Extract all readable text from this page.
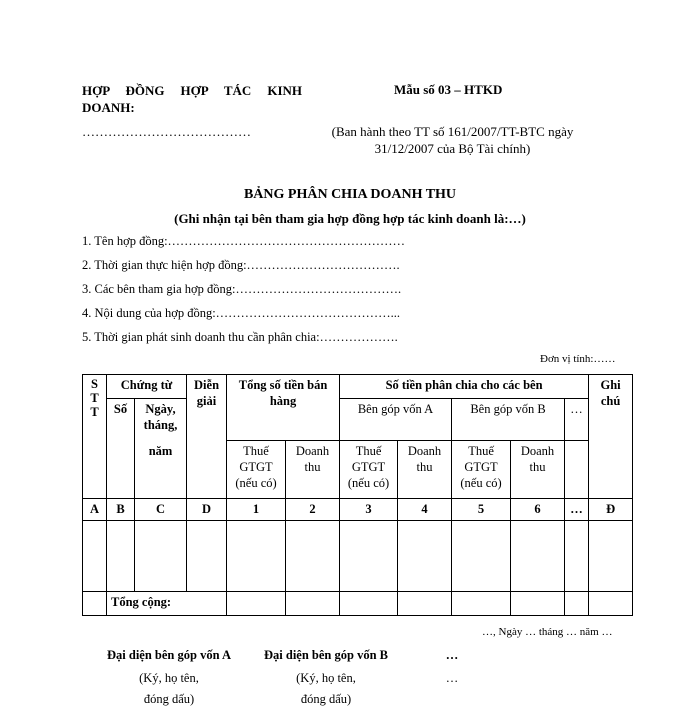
HỢP ĐỒNG HỢP TÁC KINH
DOANH:
…………………………………
Mẫu số 03 – HTKD
(Ban hành theo TT số 161/2007/TT-BTC ngày
31/12/2007 của Bộ Tài chính)
BẢNG PHÂN CHIA DOANH THU
(Ghi nhận tại bên tham gia hợp đồng hợp tác kinh doanh là:…)
1. Tên hợp đồng:…………………………………………………
2. Thời gian thực hiện hợp đồng:……………………………….
3. Các bên tham gia hợp đồng:………………………………….
4. Nội dung của hợp đồng:……………………………………...
5. Thời gian phát sinh doanh thu cần phân chia:……………….
Đơn vị tính:……
S T T	Chứng từ		Diễn giải	Tổng số tiền bán hàng		Số tiền phân chia cho các bên					Ghi chú
	Số	Ngày, tháng,				Bên góp vốn A		Bên góp vốn B		…	
		năm		Thuế GTGT (nếu có)	Doanh thu	Thuế GTGT (nếu có)	Doanh thu	Thuế GTGT (nếu có)	Doanh thu		
A	B	C	D	1	2	3	4	5	6	…	Đ

	Tổng cộng:										
…, Ngày … tháng … năm …
Đại diện bên góp vốn A	Đại diện bên góp vốn B	…
(Ký, họ tên,	(Ký, họ tên,	…
đóng dấu)	đóng dấu)
